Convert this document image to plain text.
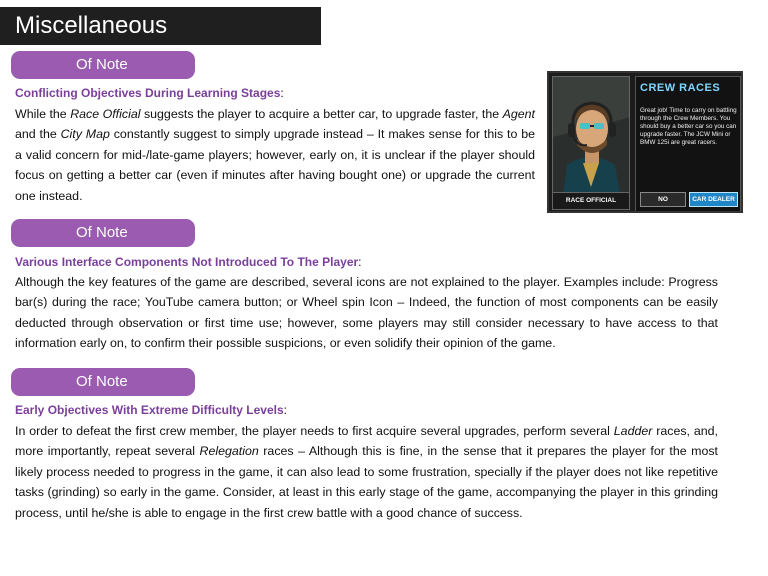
Miscellaneous
Of Note
Conflicting Objectives During Learning Stages:
While the Race Official suggests the player to acquire a better car, to upgrade faster, the Agent and the City Map constantly suggest to simply upgrade instead – It makes sense for this to be a valid concern for mid-/late-game players; however, early on, it is unclear if the player should focus on getting a better car (even if minutes after having bought one) or upgrade the current one instead.	RACE OFFICIAL
CREW RACES
Great job! Time to carry on battling through the Crew Members. You should buy a better car so you can upgrade faster. The JCW Mini or BMW 125i are great racers.
NO	CAR DEALER
Of Note
Various Interface Components Not Introduced To The Player:
Although the key features of the game are described, several icons are not explained to the player. Examples include: Progress bar(s) during the race; YouTube camera button; or Wheel spin Icon – Indeed, the function of most components can be easily deducted through observation or first time use; however, some players may still consider necessary to have access to that information early on, to confirm their possible suspicions, or even solidify their opinion of the game.
Of Note
Early Objectives With Extreme Difficulty Levels:
In order to defeat the first crew member, the player needs to first acquire several upgrades, perform several Ladder races, and, more importantly, repeat several Relegation races – Although this is fine, in the sense that it prepares the player for the most likely process needed to progress in the game, it can also lead to some frustration, specially if the player does not like repetitive tasks (grinding) so early in the game. Consider, at least in this early stage of the game, accompanying the player in this grinding process, until he/she is able to engage in the first crew battle with a good chance of success.
